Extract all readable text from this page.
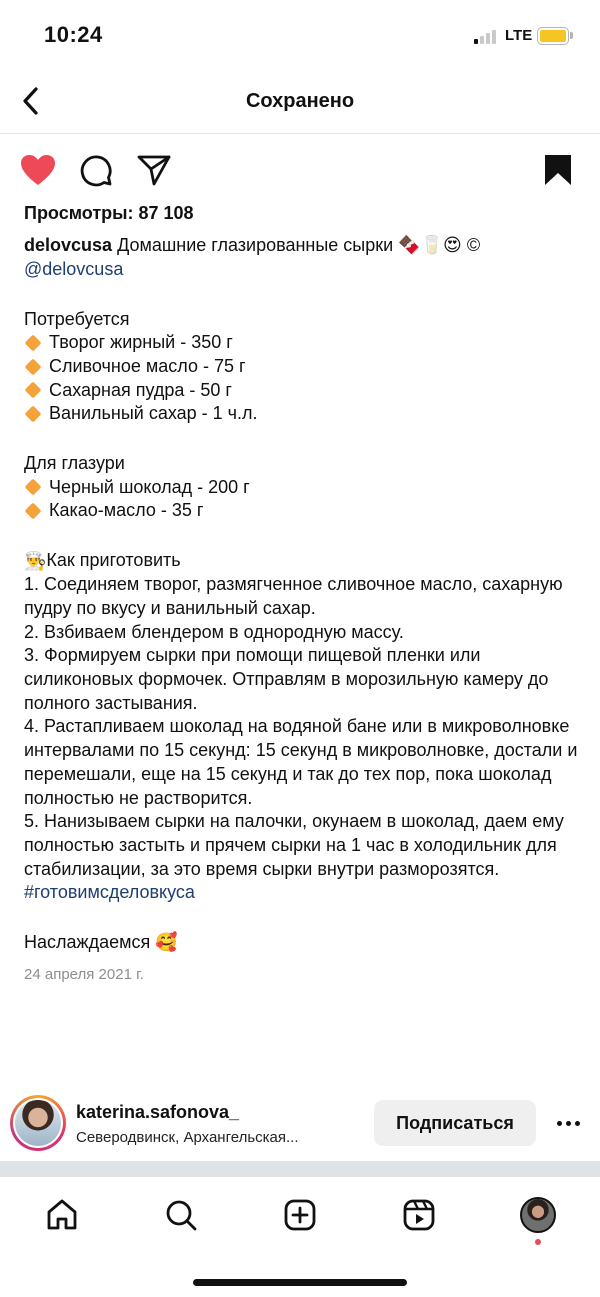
10:24	LTE
Сохранено
Просмотры: 87 108
delovcusa Домашние глазированные сырки 🍫🥛😍 ©
@delovcusa
Потребуется
Творог жирный - 350 г
Сливочное масло - 75 г
Сахарная пудра - 50 г
Ванильный сахар - 1 ч.л.
Для глазури
Черный шоколад - 200 г
Какао-масло - 35 г
👨‍🍳Как приготовить
1. Соединяем творог, размягченное сливочное масло, сахарную пудру по вкусу и ванильный сахар.
2. Взбиваем блендером в однородную массу.
3. Формируем сырки при помощи пищевой пленки или силиконовых формочек. Отправлям в морозильную камеру до полного застывания.
4. Растапливаем шоколад на водяной бане или в микроволновке интервалами по 15 секунд: 15 секунд в микроволновке, достали и перемешали, еще на 15 секунд и так до тех пор, пока шоколад полностью не растворится.
5. Нанизываем сырки на палочки, окунаем в шоколад, даем ему полностью застыть и прячем сырки на 1 час в холодильник для стабилизации, за это время сырки внутри разморозятся.
#готовимсделовкуса
Наслаждаемся 🥰
24 апреля 2021 г.
katerina.safonova_
Северодвинск, Архангельская...
Подписаться
